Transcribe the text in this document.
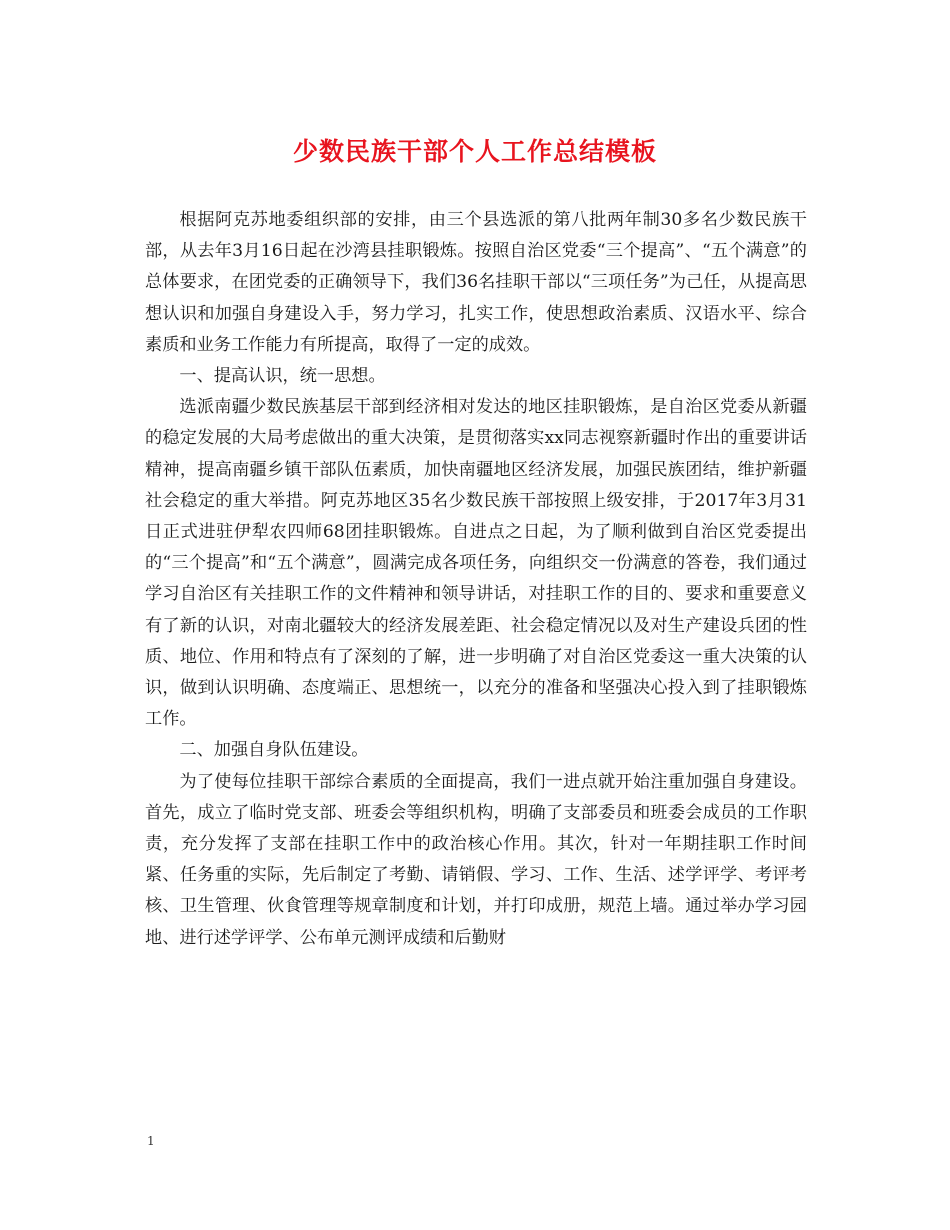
少数民族干部个人工作总结模板

根据阿克苏地委组织部的安排，由三个县选派的第八批两年制30多名少数民族干部，从去年3月16日起在沙湾县挂职锻炼。按照自治区党委“三个提高”、“五个满意”的总体要求，在团党委的正确领导下，我们36名挂职干部以“三项任务”为己任，从提高思想认识和加强自身建设入手，努力学习，扎实工作，使思想政治素质、汉语水平、综合素质和业务工作能力有所提高，取得了一定的成效。

一、提高认识，统一思想。

选派南疆少数民族基层干部到经济相对发达的地区挂职锻炼，是自治区党委从新疆的稳定发展的大局考虑做出的重大决策，是贯彻落实xx同志视察新疆时作出的重要讲话精神，提高南疆乡镇干部队伍素质，加快南疆地区经济发展，加强民族团结，维护新疆社会稳定的重大举措。阿克苏地区35名少数民族干部按照上级安排，于2017年3月31日正式进驻伊犁农四师68团挂职锻炼。自进点之日起，为了顺利做到自治区党委提出的“三个提高”和“五个满意”，圆满完成各项任务，向组织交一份满意的答卷，我们通过学习自治区有关挂职工作的文件精神和领导讲话，对挂职工作的目的、要求和重要意义有了新的认识，对南北疆较大的经济发展差距、社会稳定情况以及对生产建设兵团的性质、地位、作用和特点有了深刻的了解，进一步明确了对自治区党委这一重大决策的认识，做到认识明确、态度端正、思想统一，以充分的准备和坚强决心投入到了挂职锻炼工作。

二、加强自身队伍建设。

为了使每位挂职干部综合素质的全面提高，我们一进点就开始注重加强自身建设。首先，成立了临时党支部、班委会等组织机构，明确了支部委员和班委会成员的工作职责，充分发挥了支部在挂职工作中的政治核心作用。其次，针对一年期挂职工作时间紧、任务重的实际，先后制定了考勤、请销假、学习、工作、生活、述学评学、考评考核、卫生管理、伙食管理等规章制度和计划，并打印成册，规范上墙。通过举办学习园地、进行述学评学、公布单元测评成绩和后勤财

1
